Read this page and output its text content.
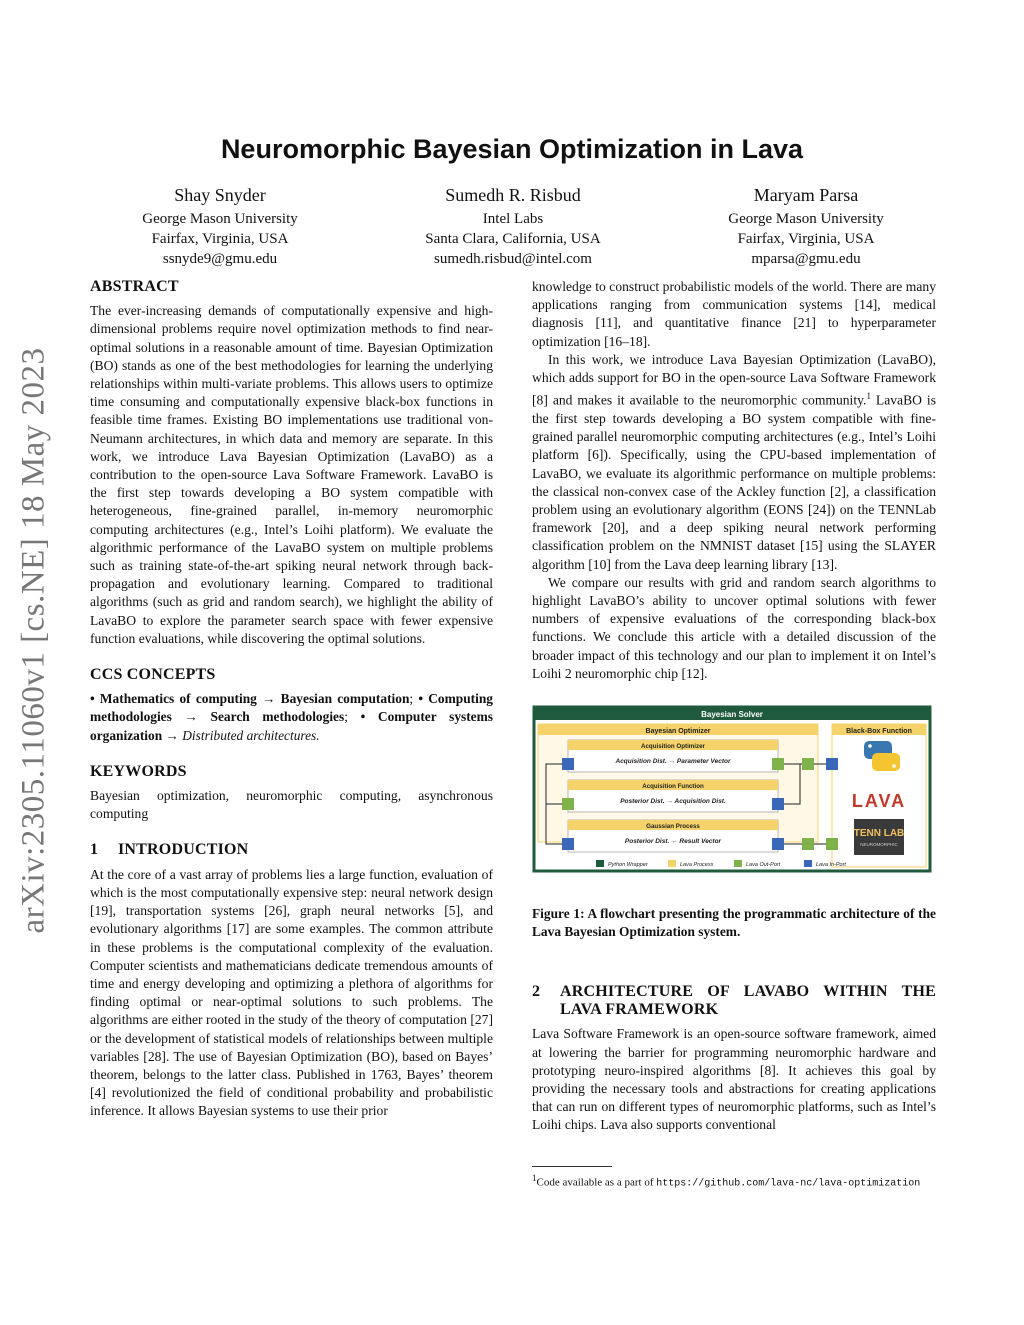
arXiv:2305.11060v1 [cs.NE] 18 May 2023
Neuromorphic Bayesian Optimization in Lava
Shay Snyder
George Mason University
Fairfax, Virginia, USA
ssnyde9@gmu.edu
Sumedh R. Risbud
Intel Labs
Santa Clara, California, USA
sumedh.risbud@intel.com
Maryam Parsa
George Mason University
Fairfax, Virginia, USA
mparsa@gmu.edu
ABSTRACT

The ever-increasing demands of computationally expensive and high-dimensional problems require novel optimization methods to find near-optimal solutions in a reasonable amount of time. Bayesian Optimization (BO) stands as one of the best methodologies for learning the underlying relationships within multi-variate problems. This allows users to optimize time consuming and computationally expensive black-box functions in feasible time frames. Existing BO implementations use traditional von-Neumann architectures, in which data and memory are separate. In this work, we introduce Lava Bayesian Optimization (LavaBO) as a contribution to the open-source Lava Software Framework. LavaBO is the first step towards developing a BO system compatible with heterogeneous, fine-grained parallel, in-memory neuromorphic computing architectures (e.g., Intel’s Loihi platform). We evaluate the algorithmic performance of the LavaBO system on multiple problems such as training state-of-the-art spiking neural network through back-propagation and evolutionary learning. Compared to traditional algorithms (such as grid and random search), we highlight the ability of LavaBO to explore the parameter search space with fewer expensive function evaluations, while discovering the optimal solutions.

CCS CONCEPTS

• Mathematics of computing → Bayesian computation; • Computing methodologies → Search methodologies; • Computer systems organization → Distributed architectures.

KEYWORDS

Bayesian optimization, neuromorphic computing, asynchronous computing

1	INTRODUCTION

At the core of a vast array of problems lies a large function, evaluation of which is the most computationally expensive step: neural network design [19], transportation systems [26], graph neural networks [5], and evolutionary algorithms [17] are some examples. The common attribute in these problems is the computational complexity of the evaluation. Computer scientists and mathematicians dedicate tremendous amounts of time and energy developing and optimizing a plethora of algorithms for finding optimal or near-optimal solutions to such problems. The algorithms are either rooted in the study of the theory of computation [27] or the development of statistical models of relationships between multiple variables [28]. The use of Bayesian Optimization (BO), based on Bayes’ theorem, belongs to the latter class. Published in 1763, Bayes’ theorem [4] revolutionized the field of conditional probability and probabilistic inference. It allows Bayesian systems to use their prior

knowledge to construct probabilistic models of the world. There are many applications ranging from communication systems [14], medical diagnosis [11], and quantitative finance [21] to hyperparameter optimization [16–18].

In this work, we introduce Lava Bayesian Optimization (LavaBO), which adds support for BO in the open-source Lava Software Framework [8] and makes it available to the neuromorphic community.$^1$ LavaBO is the first step towards developing a BO system compatible with fine-grained parallel neuromorphic computing architectures (e.g., Intel’s Loihi platform [6]). Specifically, using the CPU-based implementation of LavaBO, we evaluate its algorithmic performance on multiple problems: the classical non-convex case of the Ackley function [2], a classification problem using an evolutionary algorithm (EONS [24]) on the TENNLab framework [20], and a deep spiking neural network performing classification problem on the NMNIST dataset [15] using the SLAYER algorithm [10] from the Lava deep learning library [13].

We compare our results with grid and random search algorithms to highlight LavaBO’s ability to uncover optimal solutions with fewer numbers of expensive evaluations of the corresponding black-box functions. We conclude this article with a detailed discussion of the broader impact of this technology and our plan to implement it on Intel’s Loihi 2 neuromorphic chip [12].

Bayesian Solver
Bayesian Optimizer
Acquisition Optimizer
Acquisition Dist. → Parameter Vector
Acquisition Function
Posterior Dist. → Acquisition Dist.
Gaussian Process
Posterior Dist. ← Result Vector
Black-Box Function
LAVA
TENN LAB
NEUROMORPHIC
Python Wrapper	Lava Process	Lava Out-Port	Lava In-Port

Figure 1: A flowchart presenting the programmatic architecture of the Lava Bayesian Optimization system.

2	ARCHITECTURE OF LAVABO WITHIN THE LAVA FRAMEWORK

Lava Software Framework is an open-source software framework, aimed at lowering the barrier for programming neuromorphic hardware and prototyping neuro-inspired algorithms [8]. It achieves this goal by providing the necessary tools and abstractions for creating applications that can run on different types of neuromorphic platforms, such as Intel’s Loihi chips. Lava also supports conventional

$^1$Code available as a part of https://github.com/lava-nc/lava-optimization
